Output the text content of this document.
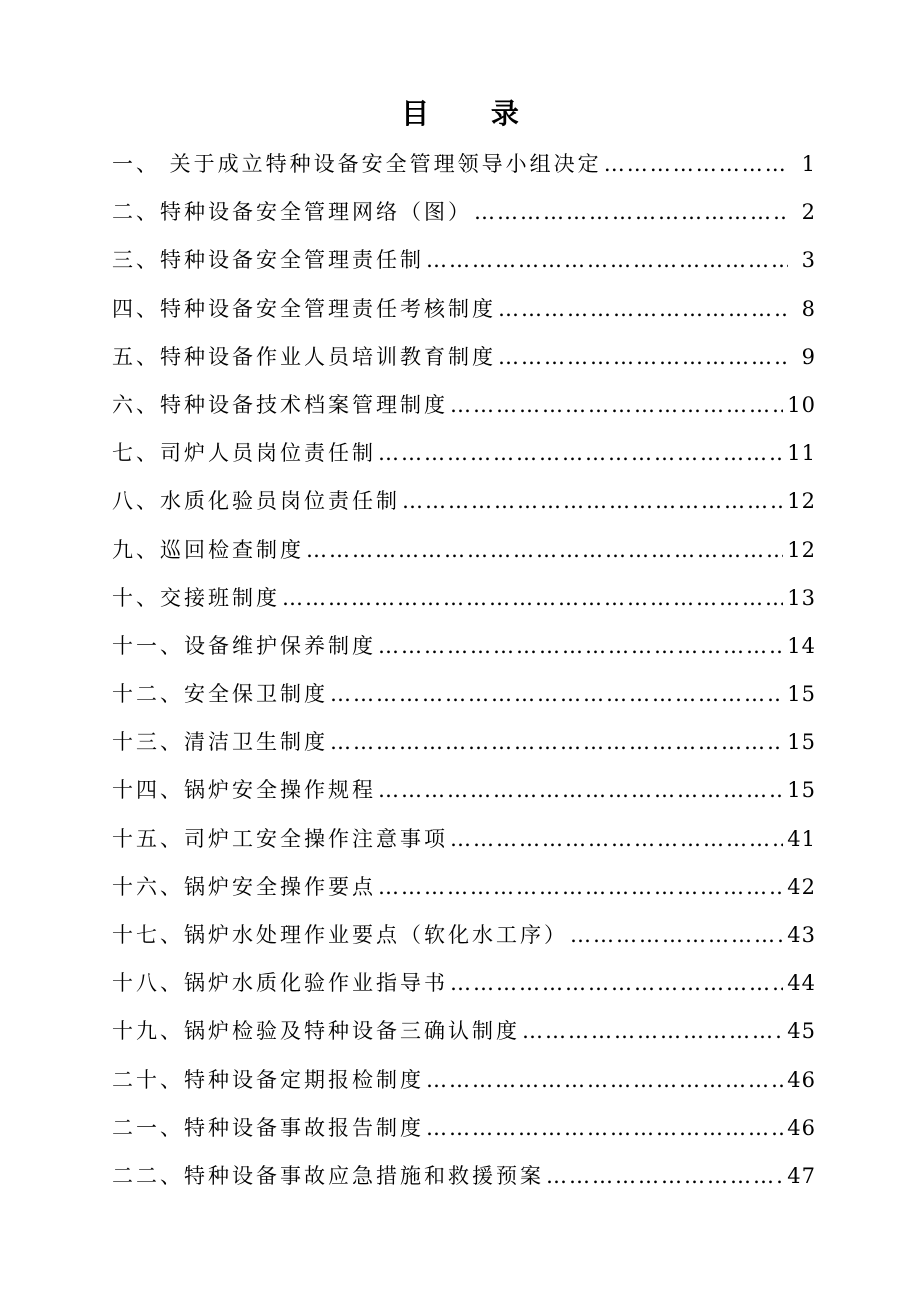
目 录
一、 关于成立特种设备安全管理领导小组决定 …………………………………………………………………………………………………………………………	1
二、特种设备安全管理网络（图） …………………………………………………………………………………………………………………………	2
三、特种设备安全管理责任制 …………………………………………………………………………………………………………………………	3
四、特种设备安全管理责任考核制度 …………………………………………………………………………………………………………………………	8
五、特种设备作业人员培训教育制度 …………………………………………………………………………………………………………………………	9
六、特种设备技术档案管理制度 …………………………………………………………………………………………………………………………	10
七、司炉人员岗位责任制 …………………………………………………………………………………………………………………………	11
八、水质化验员岗位责任制 …………………………………………………………………………………………………………………………	12
九、巡回检查制度 …………………………………………………………………………………………………………………………	12
十、交接班制度 …………………………………………………………………………………………………………………………	13
十一、设备维护保养制度 …………………………………………………………………………………………………………………………	14
十二、安全保卫制度 …………………………………………………………………………………………………………………………	15
十三、清洁卫生制度 …………………………………………………………………………………………………………………………	15
十四、锅炉安全操作规程 …………………………………………………………………………………………………………………………	15
十五、司炉工安全操作注意事项 …………………………………………………………………………………………………………………………	41
十六、锅炉安全操作要点 …………………………………………………………………………………………………………………………	42
十七、锅炉水处理作业要点（软化水工序） …………………………………………………………………………………………………………………………	43
十八、锅炉水质化验作业指导书 …………………………………………………………………………………………………………………………	44
十九、锅炉检验及特种设备三确认制度 …………………………………………………………………………………………………………………………	45
二十、特种设备定期报检制度 …………………………………………………………………………………………………………………………	46
二一、特种设备事故报告制度 …………………………………………………………………………………………………………………………	46
二二、特种设备事故应急措施和救援预案 …………………………………………………………………………………………………………………………	47
